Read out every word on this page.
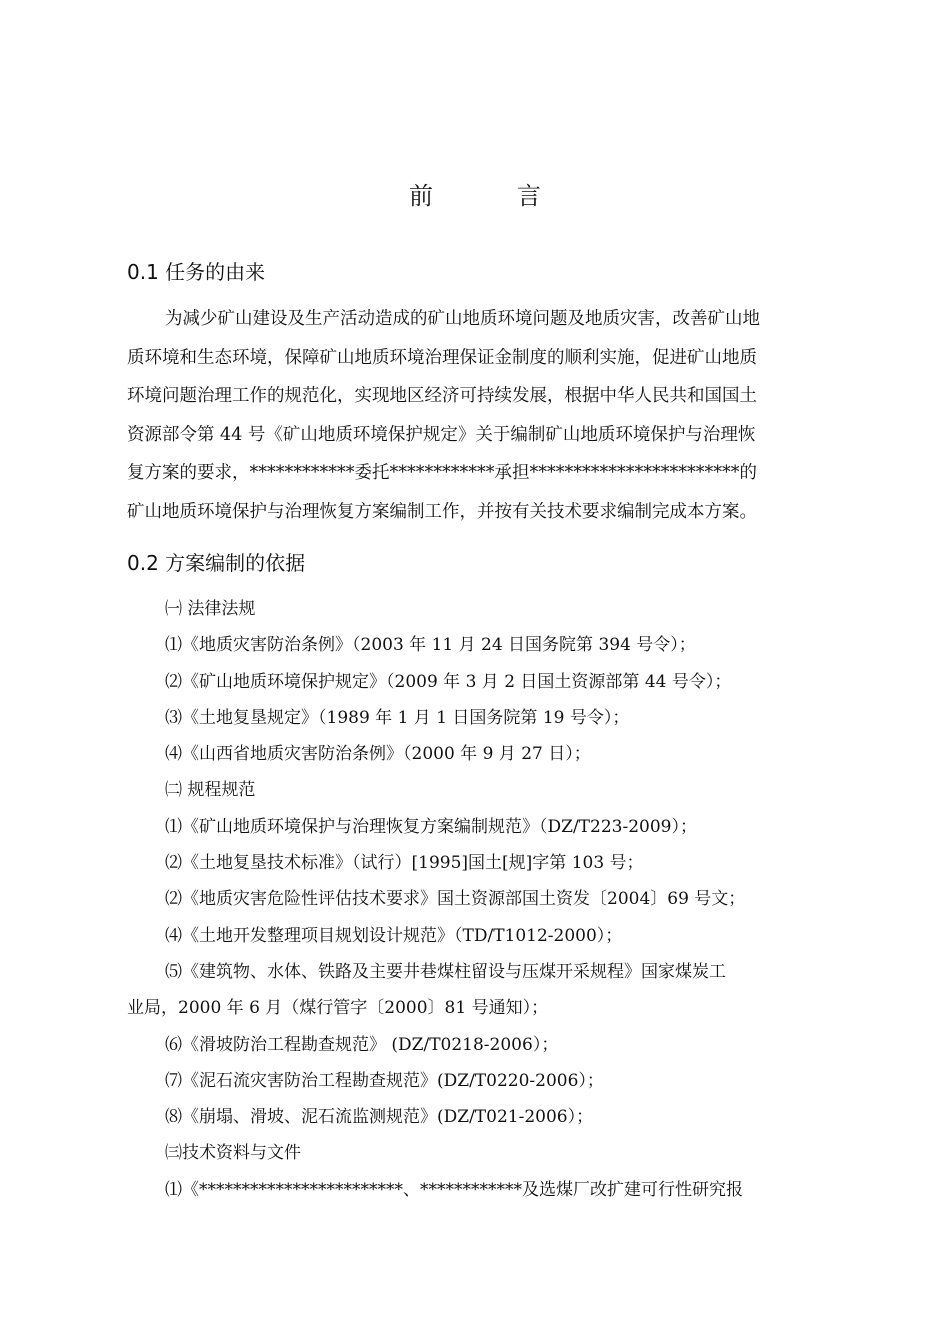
前　言
0.1 任务的由来
为减少矿山建设及生产活动造成的矿山地质环境问题及地质灾害，改善矿山地
质环境和生态环境，保障矿山地质环境治理保证金制度的顺利实施，促进矿山地质
环境问题治理工作的规范化，实现地区经济可持续发展，根据中华人民共和国国土
资源部令第 44 号《矿山地质环境保护规定》关于编制矿山地质环境保护与治理恢
复方案的要求，************委托************承担************************的
矿山地质环境保护与治理恢复方案编制工作，并按有关技术要求编制完成本方案。
0.2 方案编制的依据
㈠ 法律法规
⑴《地质灾害防治条例》（2003 年 11 月 24 日国务院第 394 号令）；
⑵《矿山地质环境保护规定》（2009 年 3 月 2 日国土资源部第 44 号令）；
⑶《土地复垦规定》（1989 年 1 月 1 日国务院第 19 号令）；
⑷《山西省地质灾害防治条例》（2000 年 9 月 27 日）；
㈡ 规程规范
⑴《矿山地质环境保护与治理恢复方案编制规范》（DZ/T223-2009）；
⑵《土地复垦技术标准》（试行）[1995]国土[规]字第 103 号；
⑵《地质灾害危险性评估技术要求》国土资源部国土资发〔2004〕69 号文；
⑷《土地开发整理项目规划设计规范》（TD/T1012-2000）；
⑸《建筑物、水体、铁路及主要井巷煤柱留设与压煤开采规程》国家煤炭工
业局，2000 年 6 月（煤行管字〔2000〕81 号通知）；
⑹《滑坡防治工程勘查规范》 (DZ/T0218-2006）；
⑺《泥石流灾害防治工程勘查规范》(DZ/T0220-2006）；
⑻《崩塌、滑坡、泥石流监测规范》(DZ/T021-2006）；
㈢技术资料与文件
⑴《************************、************及选煤厂改扩建可行性研究报
